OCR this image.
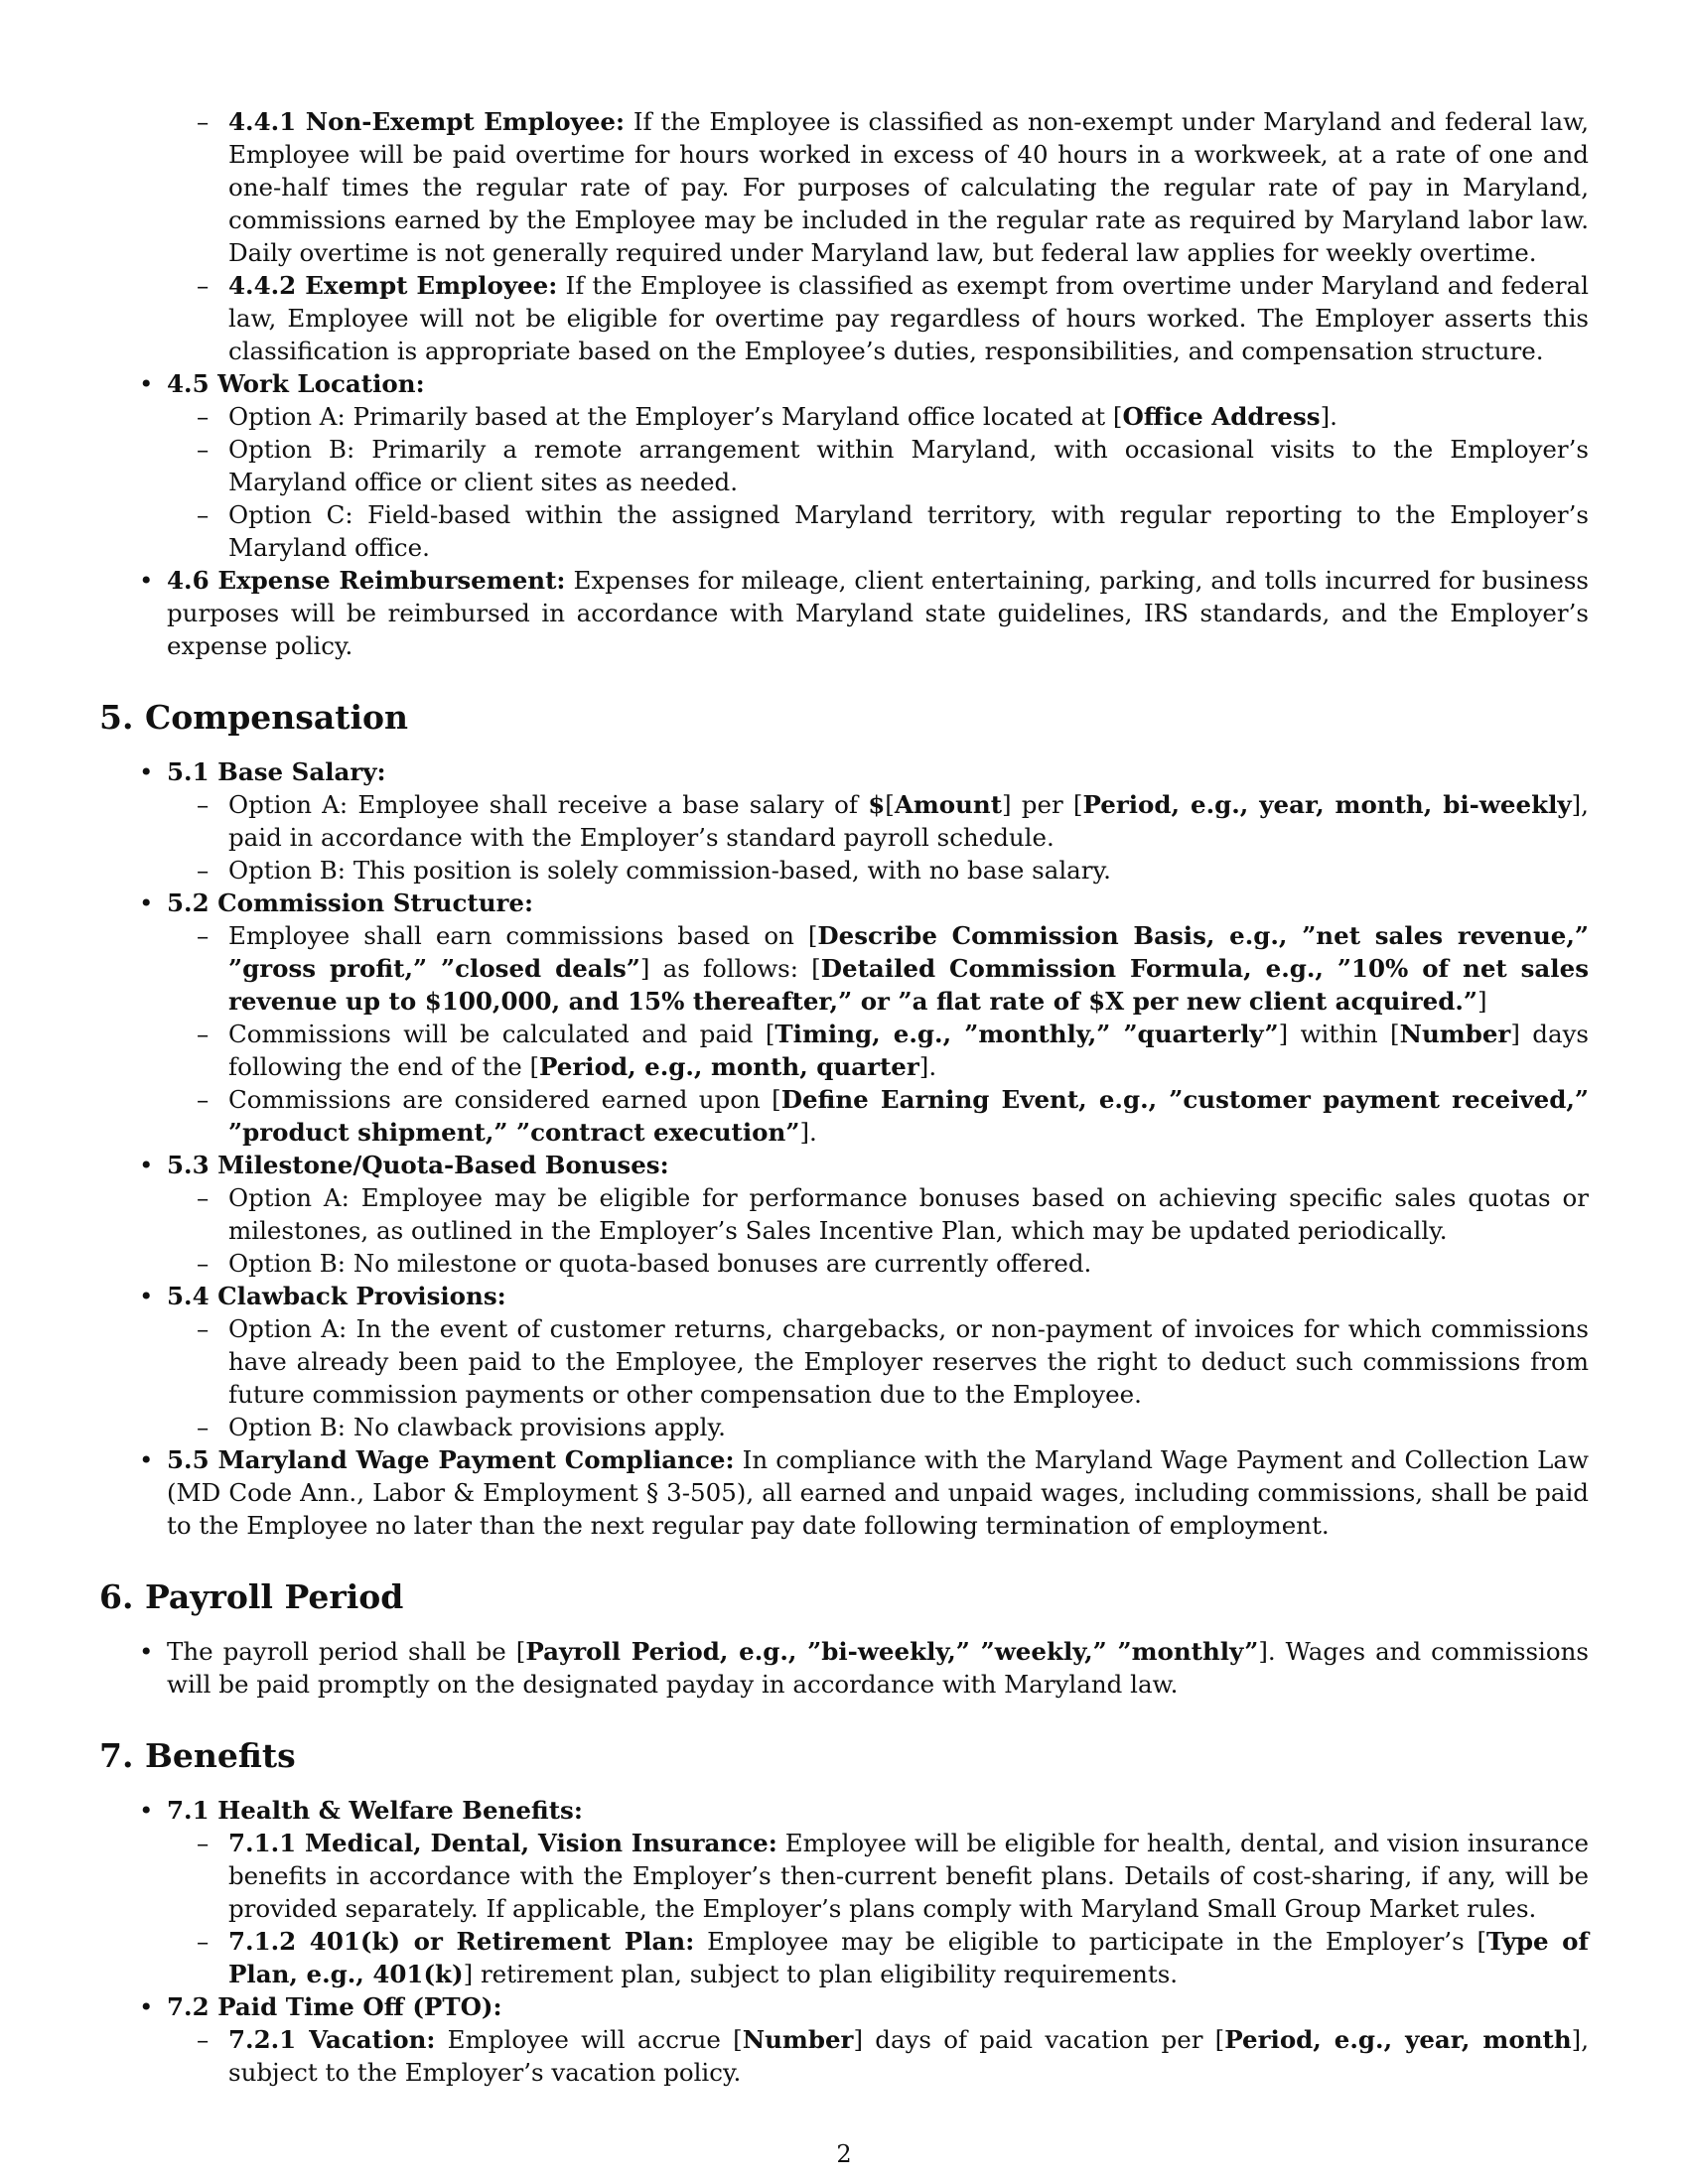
– 4.4.1 Non-Exempt Employee: If the Employee is classified as non-exempt under Maryland and federal law, Employee will be paid overtime for hours worked in excess of 40 hours in a workweek, at a rate of one and one-half times the regular rate of pay. For purposes of calculating the regular rate of pay in Maryland, commissions earned by the Employee may be included in the regular rate as required by Maryland labor law. Daily overtime is not generally required under Maryland law, but federal law applies for weekly overtime.
– 4.4.2 Exempt Employee: If the Employee is classified as exempt from overtime under Maryland and federal law, Employee will not be eligible for overtime pay regardless of hours worked. The Employer asserts this classification is appropriate based on the Employee’s duties, responsibilities, and compensation structure.
• 4.5 Work Location:
– Option A: Primarily based at the Employer’s Maryland office located at [Office Address].
– Option B: Primarily a remote arrangement within Maryland, with occasional visits to the Employer’s Maryland office or client sites as needed.
– Option C: Field-based within the assigned Maryland territory, with regular reporting to the Employer’s Maryland office.
• 4.6 Expense Reimbursement: Expenses for mileage, client entertaining, parking, and tolls incurred for business purposes will be reimbursed in accordance with Maryland state guidelines, IRS standards, and the Employer’s expense policy.
5. Compensation
• 5.1 Base Salary:
– Option A: Employee shall receive a base salary of $[Amount] per [Period, e.g., year, month, bi-weekly], paid in accordance with the Employer’s standard payroll schedule.
– Option B: This position is solely commission-based, with no base salary.
• 5.2 Commission Structure:
– Employee shall earn commissions based on [Describe Commission Basis, e.g., ”net sales revenue,” ”gross profit,” ”closed deals”] as follows: [Detailed Commission Formula, e.g., ”10% of net sales revenue up to $100,000, and 15% thereafter,” or ”a flat rate of $X per new client acquired.”]
– Commissions will be calculated and paid [Timing, e.g., ”monthly,” ”quarterly”] within [Number] days following the end of the [Period, e.g., month, quarter].
– Commissions are considered earned upon [Define Earning Event, e.g., ”customer payment received,” ”product shipment,” ”contract execution”].
• 5.3 Milestone/Quota-Based Bonuses:
– Option A: Employee may be eligible for performance bonuses based on achieving specific sales quotas or milestones, as outlined in the Employer’s Sales Incentive Plan, which may be updated periodically.
– Option B: No milestone or quota-based bonuses are currently offered.
• 5.4 Clawback Provisions:
– Option A: In the event of customer returns, chargebacks, or non-payment of invoices for which commissions have already been paid to the Employee, the Employer reserves the right to deduct such commissions from future commission payments or other compensation due to the Employee.
– Option B: No clawback provisions apply.
• 5.5 Maryland Wage Payment Compliance: In compliance with the Maryland Wage Payment and Collection Law (MD Code Ann., Labor & Employment § 3-505), all earned and unpaid wages, including commissions, shall be paid to the Employee no later than the next regular pay date following termination of employment.
6. Payroll Period
• The payroll period shall be [Payroll Period, e.g., ”bi-weekly,” ”weekly,” ”monthly”]. Wages and commissions will be paid promptly on the designated payday in accordance with Maryland law.
7. Benefits
• 7.1 Health & Welfare Benefits:
– 7.1.1 Medical, Dental, Vision Insurance: Employee will be eligible for health, dental, and vision insurance benefits in accordance with the Employer’s then-current benefit plans. Details of cost-sharing, if any, will be provided separately. If applicable, the Employer’s plans comply with Maryland Small Group Market rules.
– 7.1.2 401(k) or Retirement Plan: Employee may be eligible to participate in the Employer’s [Type of Plan, e.g., 401(k)] retirement plan, subject to plan eligibility requirements.
• 7.2 Paid Time Off (PTO):
– 7.2.1 Vacation: Employee will accrue [Number] days of paid vacation per [Period, e.g., year, month], subject to the Employer’s vacation policy.
2
